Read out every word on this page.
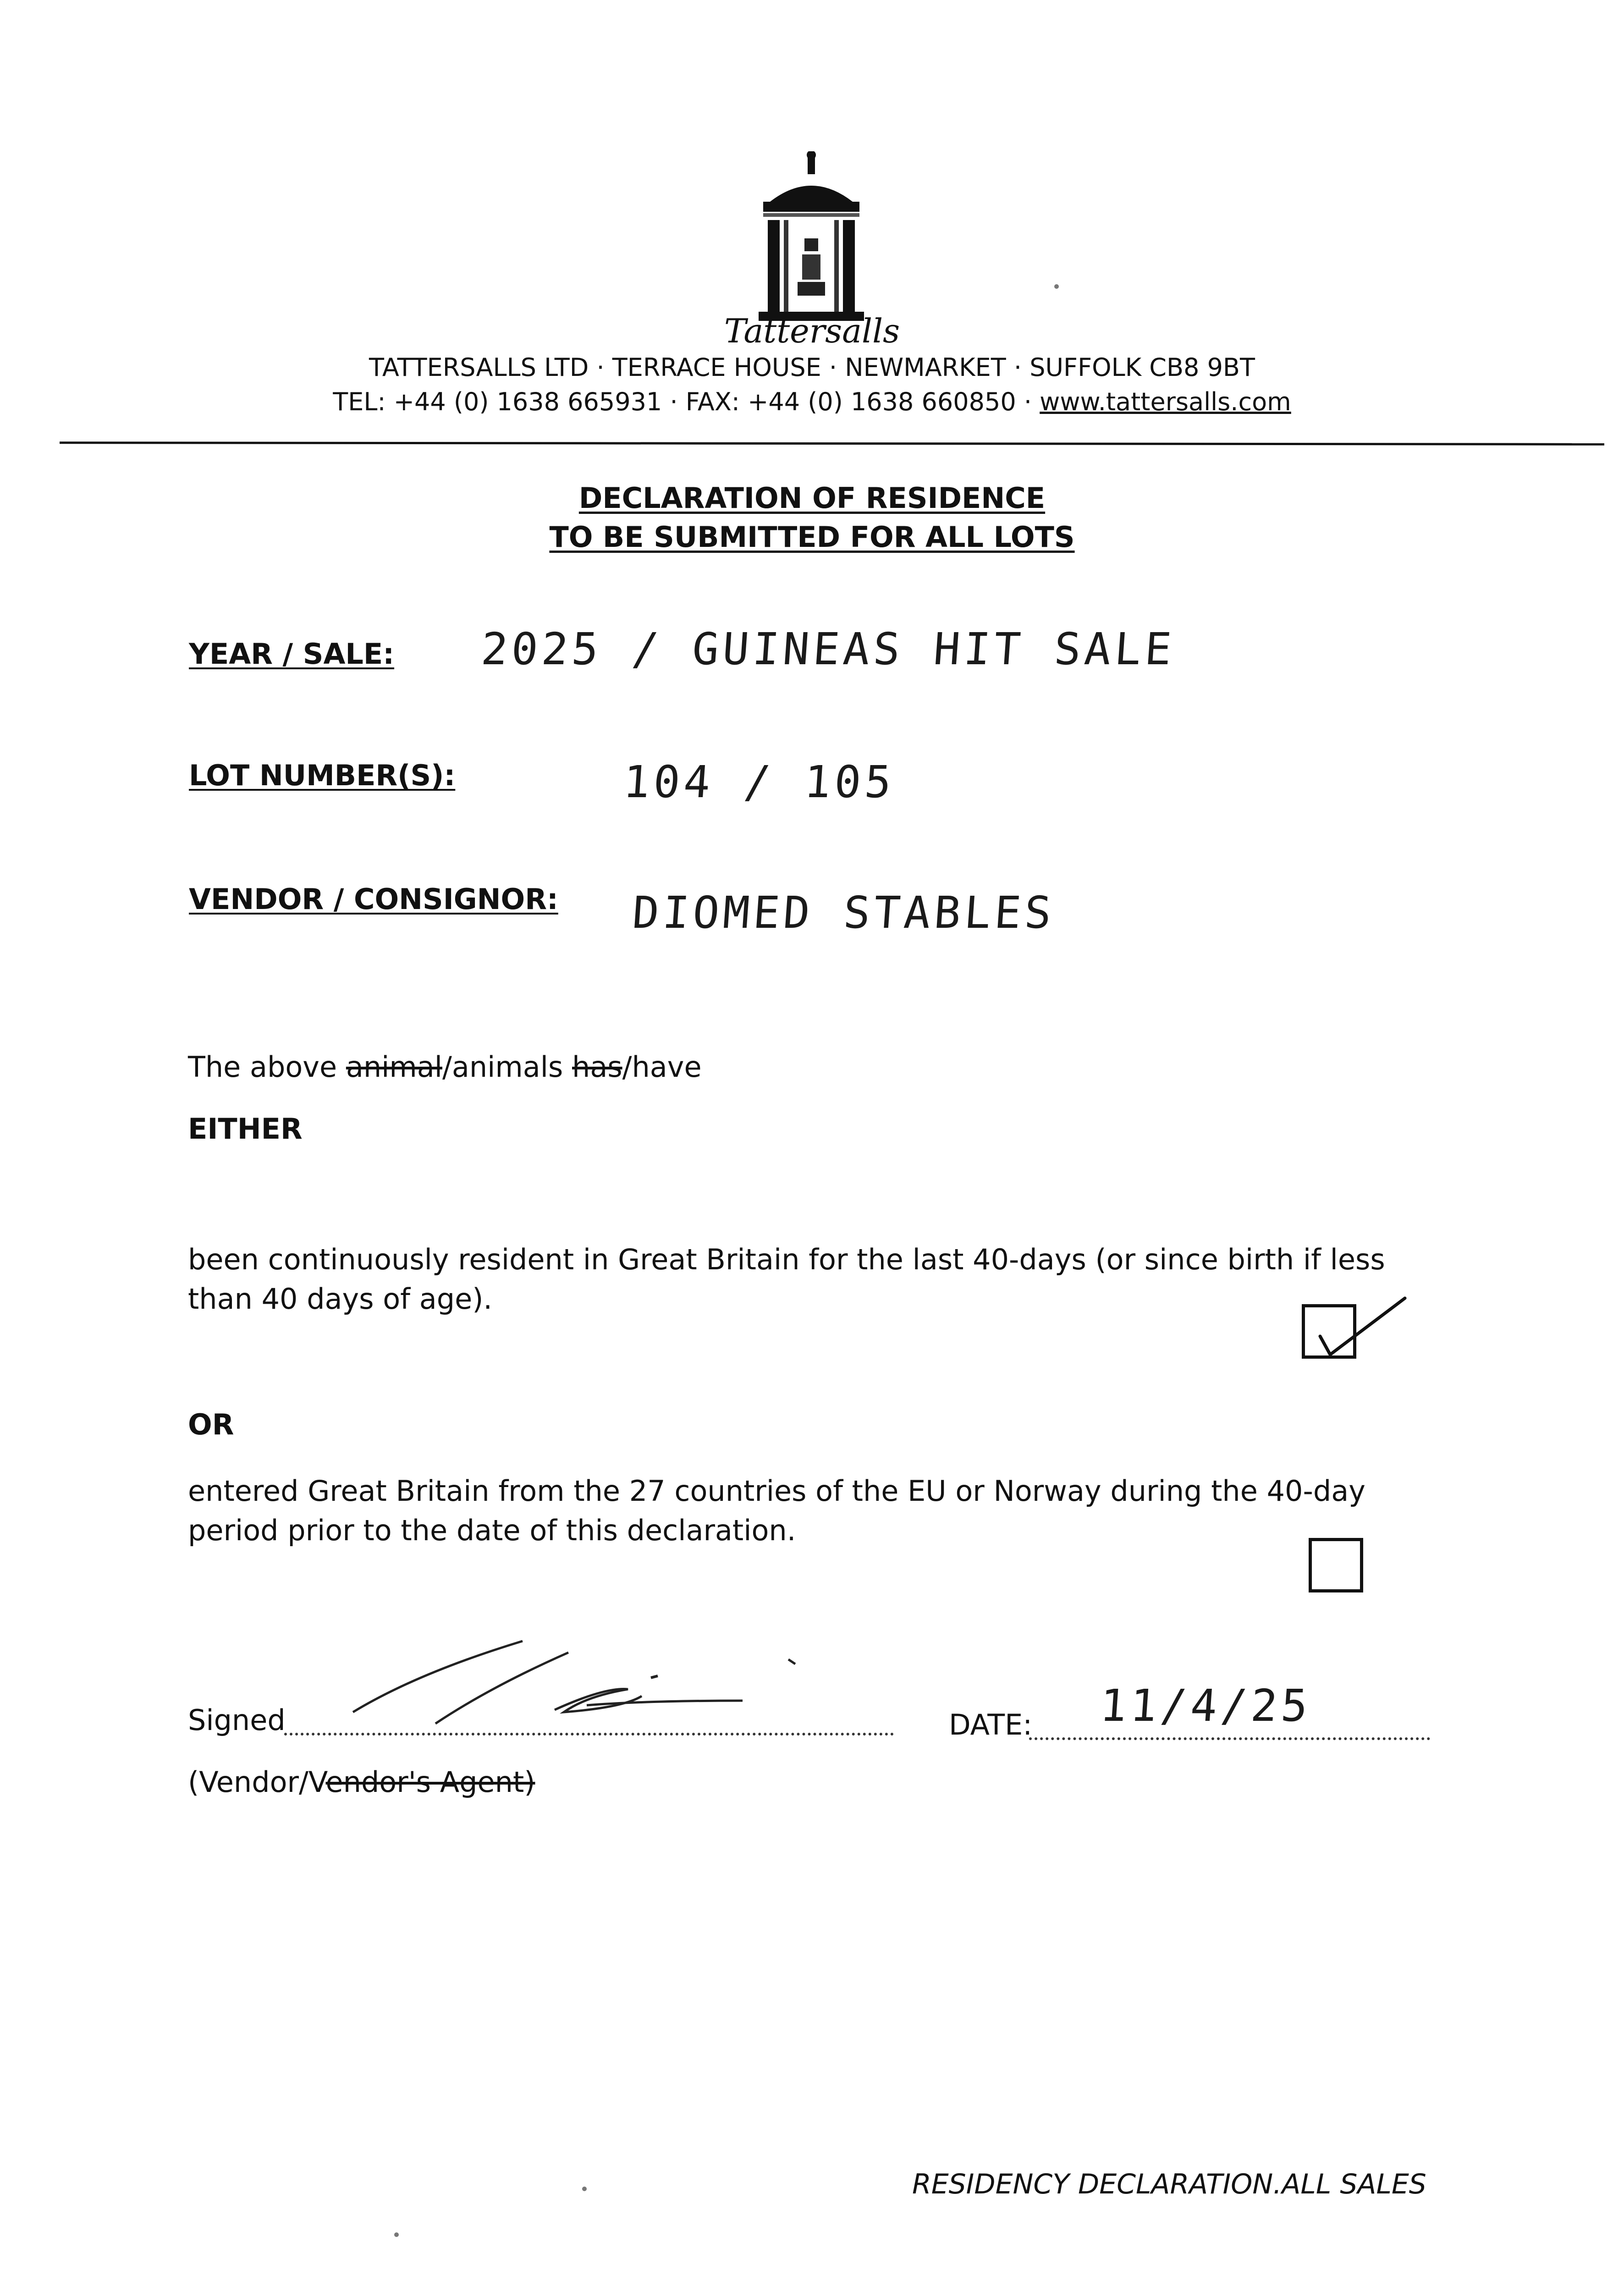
Tattersalls
TATTERSALLS LTD · TERRACE HOUSE · NEWMARKET · SUFFOLK CB8 9BT
TEL: +44 (0) 1638 665931 · FAX: +44 (0) 1638 660850 · www.tattersalls.com
DECLARATION OF RESIDENCE
TO BE SUBMITTED FOR ALL LOTS
YEAR / SALE: 2025 / GUINEAS HIT SALE
LOT NUMBER(S):	104 / 105
VENDOR / CONSIGNOR: DIOMED STABLES
The above animal/animals has/have
EITHER
been continuously resident in Great Britain for the last 40-days (or since birth if less than 40 days of age).
OR
entered Great Britain from the 27 countries of the EU or Norway during the 40-day period prior to the date of this declaration.
Signed	DATE: 11/4/25
(Vendor/Vendor's Agent)
RESIDENCY DECLARATION.ALL SALES
